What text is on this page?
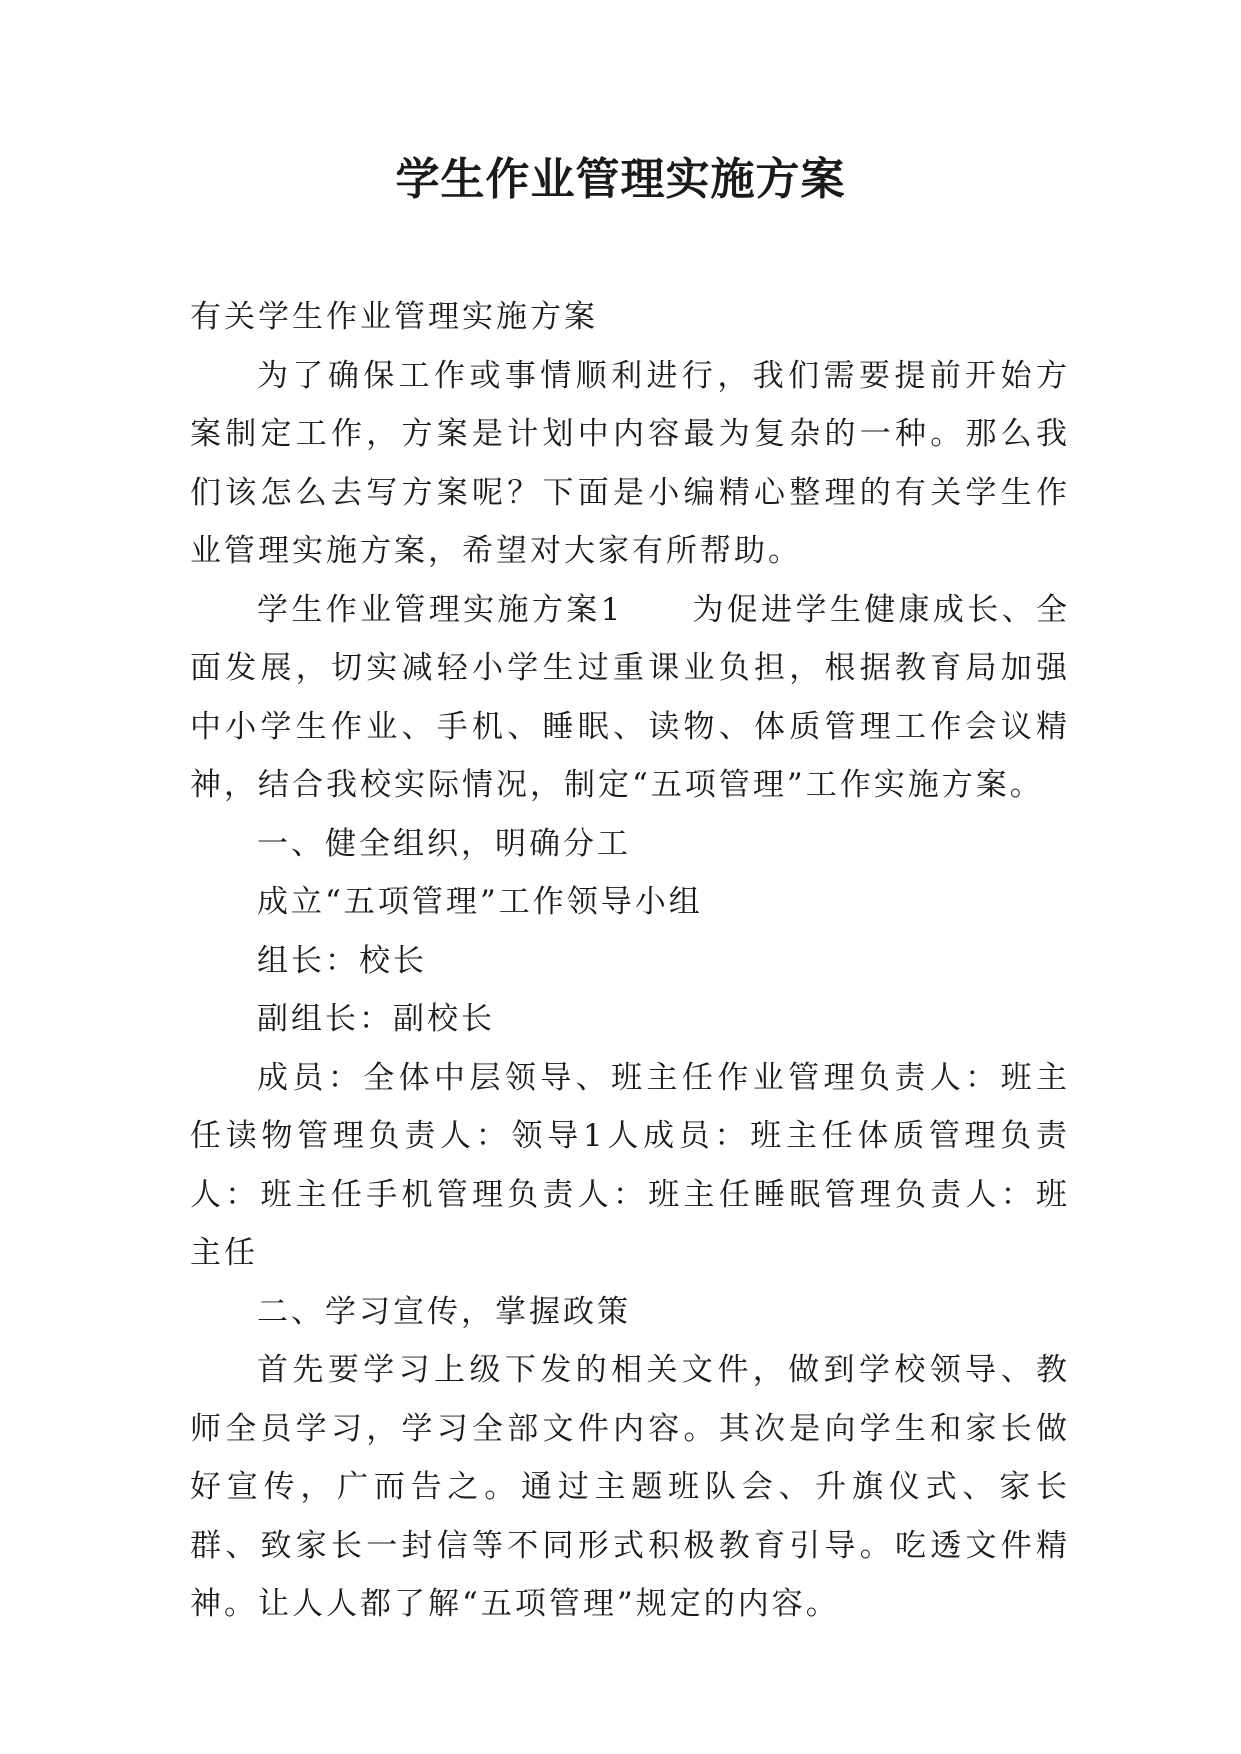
学生作业管理实施方案

有关学生作业管理实施方案

为了确保工作或事情顺利进行，我们需要提前开始方案制定工作，方案是计划中内容最为复杂的一种。那么我们该怎么去写方案呢？下面是小编精心整理的有关学生作业管理实施方案，希望对大家有所帮助。

学生作业管理实施方案1　　为促进学生健康成长、全面发展，切实减轻小学生过重课业负担，根据教育局加强中小学生作业、手机、睡眠、读物、体质管理工作会议精神，结合我校实际情况，制定“五项管理”工作实施方案。

一、健全组织，明确分工

成立“五项管理”工作领导小组

组长：校长

副组长：副校长

成员：全体中层领导、班主任作业管理负责人：班主任读物管理负责人：领导1人成员：班主任体质管理负责人：班主任手机管理负责人：班主任睡眠管理负责人：班主任

二、学习宣传，掌握政策

首先要学习上级下发的相关文件，做到学校领导、教师全员学习，学习全部文件内容。其次是向学生和家长做好宣传，广而告之。通过主题班队会、升旗仪式、家长群、致家长一封信等不同形式积极教育引导。吃透文件精神。让人人都了解“五项管理”规定的内容。
